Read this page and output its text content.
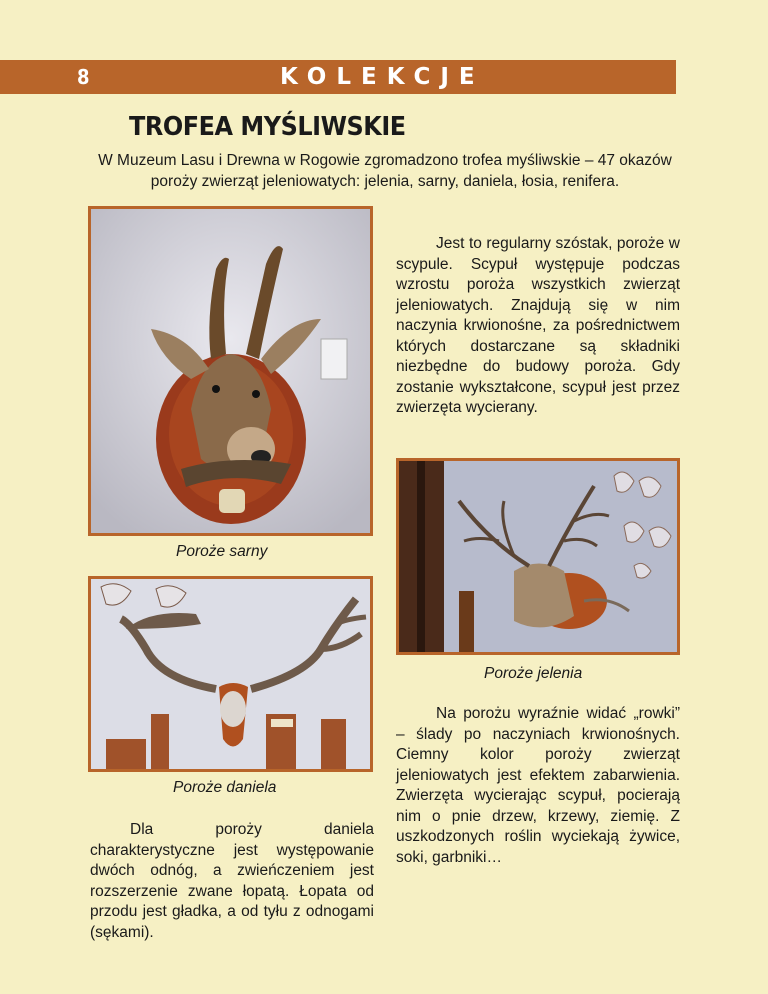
8	KOLEKCJE
TROFEA MYŚLIWSKIE

W Muzeum Lasu i Drewna w Rogowie zgromadzono trofea myśliwskie – 47 okazów poroży zwierząt jeleniowatych: jelenia, sarny, daniela, łosia, renifera.

Poroże sarny

Jest to regularny szóstak, poroże w scypule. Scypuł występuje podczas wzrostu poroża wszystkich zwierząt jeleniowatych. Znajdują się w nim naczynia krwionośne, za pośrednictwem których dostarczane są składniki niezbędne do budowy poroża. Gdy zostanie wykształcone, scypuł jest przez zwierzęta wycierany.

Poroże jelenia

Poroże daniela

Na porożu wyraźnie widać „rowki” – ślady po naczyniach krwionośnych. Ciemny kolor poroży zwierząt jeleniowatych jest efektem zabarwienia. Zwierzęta wycierając scypuł, pocierają nim o pnie drzew, krzewy, ziemię. Z uszkodzonych roślin wyciekają żywice, soki, garbniki…

Dla poroży daniela charakterystyczne jest występowanie dwóch odnóg, a zwieńczeniem jest rozszerzenie zwane łopatą. Łopata od przodu jest gładka, a od tyłu z odnogami (sękami).
